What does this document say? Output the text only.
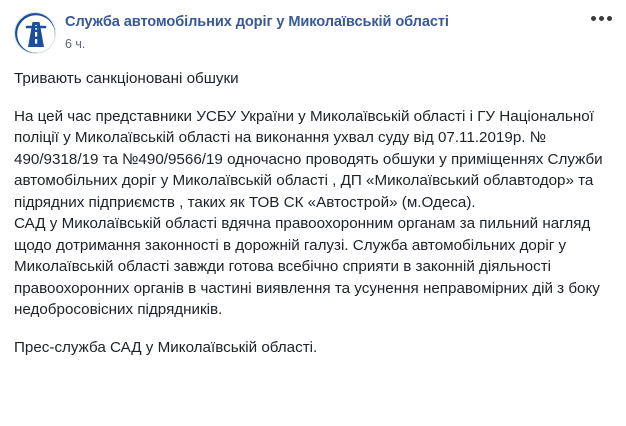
Служба автомобільних доріг у Миколаївській області
6 ч.

Тривають санкціоновані обшуки

На цей час представники УСБУ України у Миколаївській області і ГУ Національної поліції у Миколаївській області на виконання ухвал суду від 07.11.2019р. № 490/9318/19 та №490/9566/19 одночасно проводять обшуки у приміщеннях Служби автомобільних доріг у Миколаївській області , ДП «Миколаївський облавтодор» та підрядних підприємств , таких як ТОВ СК «Автострой» (м.Одеса).

САД у Миколаївській області вдячна правоохоронним органам за пильний нагляд щодо дотримання законності в дорожній галузі. Служба автомобільних доріг у Миколаївській області завжди готова всебічно сприяти в законній діяльності правоохоронних органів в частині виявлення та усунення неправомірних дій з боку недобросовісних підрядників.

Прес-служба САД у Миколаївській області.
